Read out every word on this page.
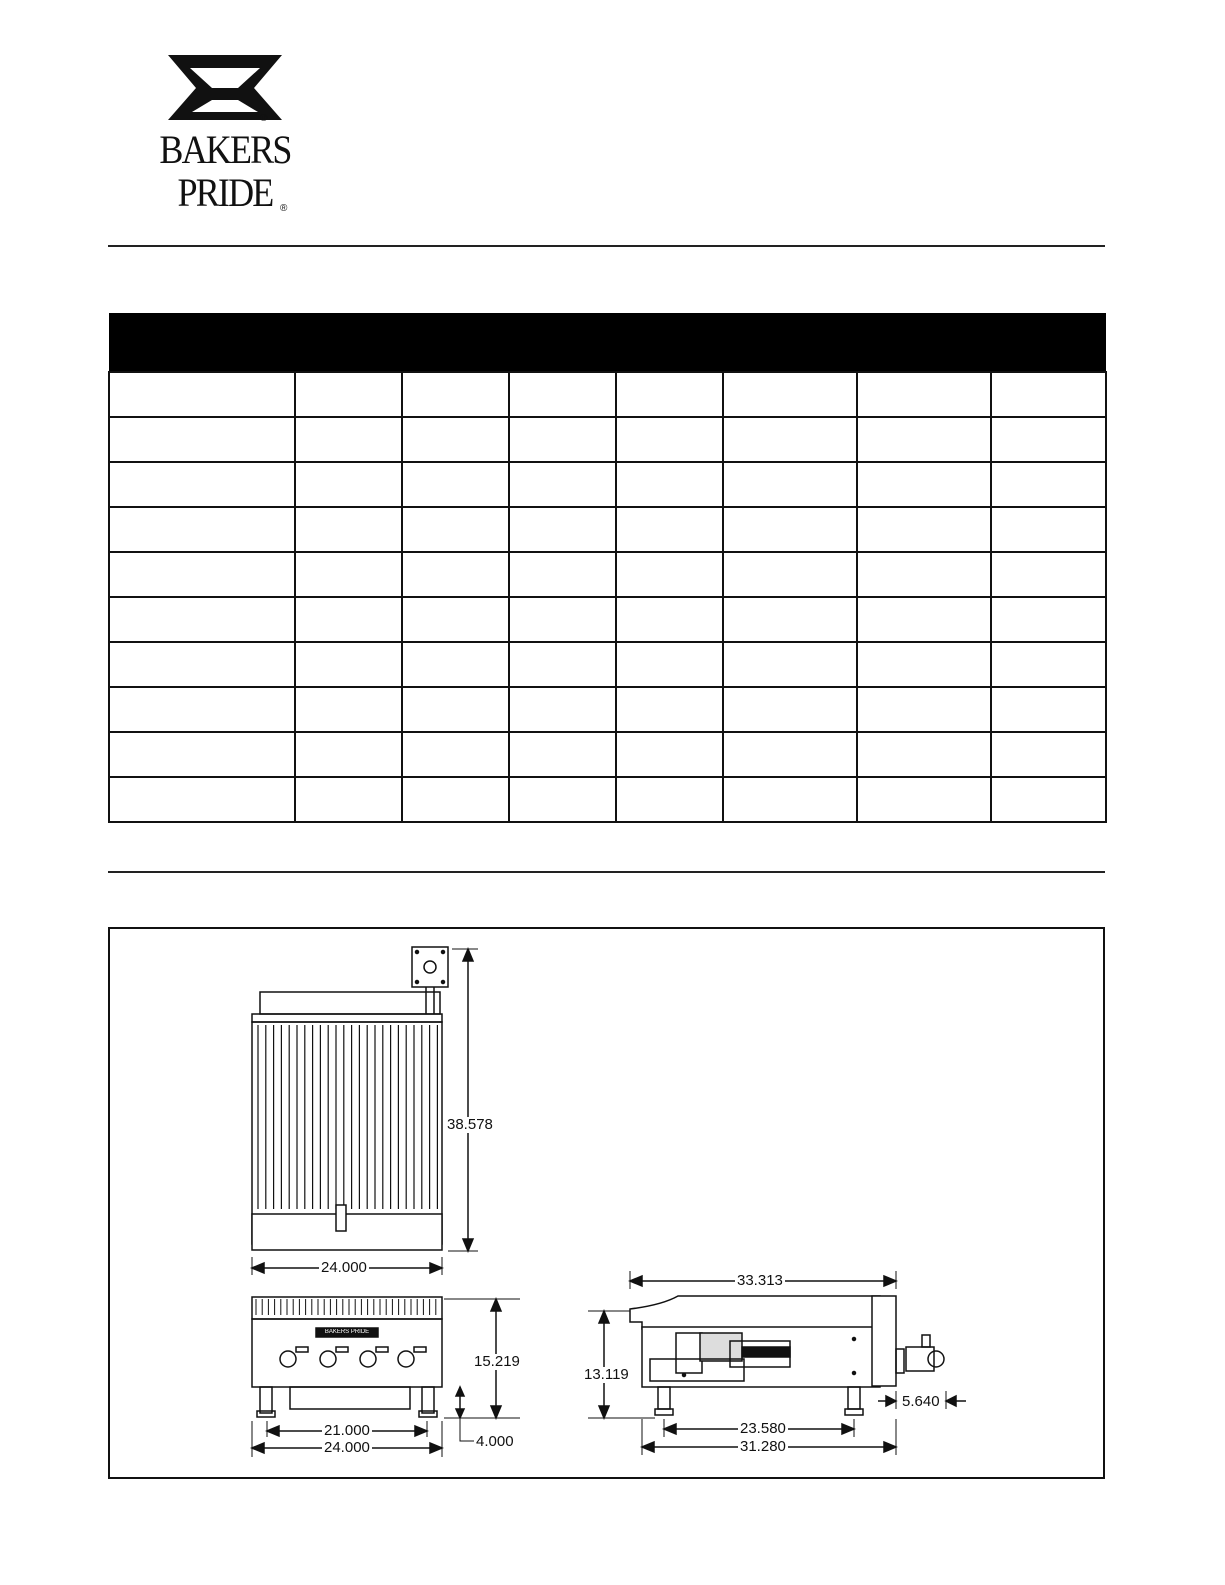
BAKERS
PRIDE
®
®

38.578
24.000
15.219
21.000
24.000	4.000
33.313
13.119
5.640
23.580
31.280
BAKERS PRIDE
